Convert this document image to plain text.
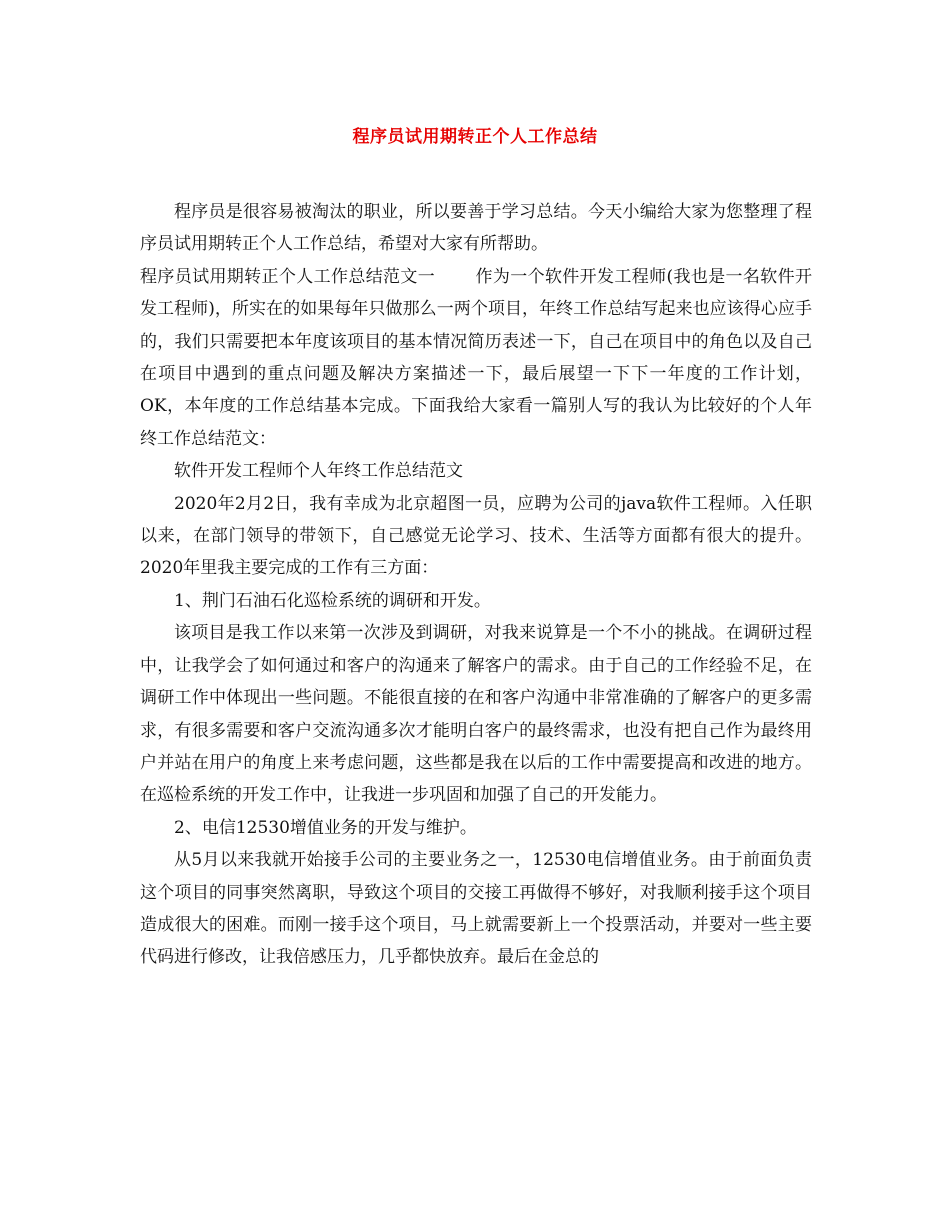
程序员试用期转正个人工作总结

程序员是很容易被淘汰的职业，所以要善于学习总结。今天小编给大家为您整理了程序员试用期转正个人工作总结，希望对大家有所帮助。

程序员试用期转正个人工作总结范文一 作为一个软件开发工程师(我也是一名软件开发工程师)，所实在的如果每年只做那么一两个项目，年终工作总结写起来也应该得心应手的，我们只需要把本年度该项目的基本情况简历表述一下，自己在项目中的角色以及自己在项目中遇到的重点问题及解决方案描述一下，最后展望一下下一年度的工作计划，OK，本年度的工作总结基本完成。下面我给大家看一篇别人写的我认为比较好的个人年终工作总结范文：

软件开发工程师个人年终工作总结范文

2020年2月2日，我有幸成为北京超图一员，应聘为公司的java软件工程师。入任职以来，在部门领导的带领下，自己感觉无论学习、技术、生活等方面都有很大的提升。 2020年里我主要完成的工作有三方面：

1、荆门石油石化巡检系统的调研和开发。

该项目是我工作以来第一次涉及到调研，对我来说算是一个不小的挑战。在调研过程中，让我学会了如何通过和客户的沟通来了解客户的需求。由于自己的工作经验不足，在调研工作中体现出一些问题。不能很直接的在和客户沟通中非常准确的了解客户的更多需求，有很多需要和客户交流沟通多次才能明白客户的最终需求，也没有把自己作为最终用户并站在用户的角度上来考虑问题，这些都是我在以后的工作中需要提高和改进的地方。在巡检系统的开发工作中，让我进一步巩固和加强了自己的开发能力。

2、电信12530增值业务的开发与维护。

从5月以来我就开始接手公司的主要业务之一，12530电信增值业务。由于前面负责这个项目的同事突然离职，导致这个项目的交接工再做得不够好，对我顺利接手这个项目造成很大的困难。而刚一接手这个项目，马上就需要新上一个投票活动，并要对一些主要代码进行修改，让我倍感压力，几乎都快放弃。最后在金总的
